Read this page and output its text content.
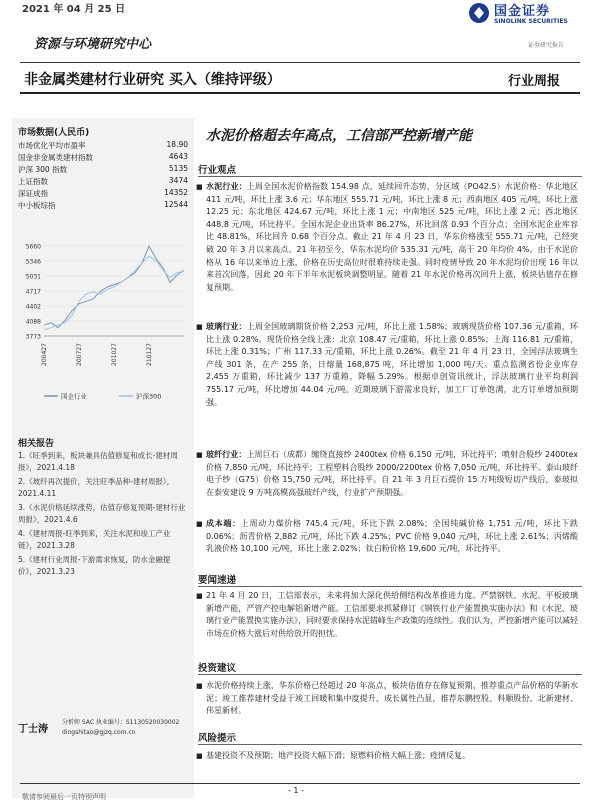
2021 年 04 月 25 日	国金证券
SINOLINK SECURITIES
证券研究报告
资源与环境研究中心
非金属类建材行业研究 买入（维持评级）	行业周报
市场数据(人民币)
市场优化平均市盈率	18.90
国金非金属类建材指数	4643
沪深 300 指数	5135
上证指数	3474
深证成指	14352
中小板综指	12544
5660
5346
5031
4717
4402
4088
3773
200427	200727	201027	210127
国金行业	沪深300
相关报告
1.《旺季到来，板块兼具估值修复和成长-建材周报》，2021.4.18
2.《玻纤再次提价，关注旺季品种-建材周报》，2021.4.11
3.《水泥价格延续涨势，估值存修复预期-建材行业周报》，2021.4.6
4.《建材周报-旺季到来，关注水泥和竣工产业链》，2021.3.28
5.《建材行业周报-下游需求恢复，防水金融提价》，2021.3.23
丁士涛
分析师 SAC 执业编号：S1130520030002
dingshitao@gjzq.com.cn
水泥价格超去年高点，工信部严控新增产能
行业观点
■ 水泥行业：上周全国水泥价格指数 154.98 点，延续回升态势，分区域（PO42.5）水泥价格：华北地区 411 元/吨，环比上涨 3.6 元；华东地区 555.71 元/吨，环比上涨 8 元；西南地区 405 元/吨，环比上涨 12.25 元；东北地区 424.67 元/吨，环比上涨 1 元；中南地区 525 元/吨，环比上涨 2 元；西北地区 448.8 元/吨，环比持平。全国水泥企业出货率 86.27%，环比回落 0.93 个百分点；全国水泥企业库容比 48.81%，环比回升 0.68 个百分点。截止 21 年 4 月 23 日，华东价格涨至 555.71 元/吨，已经突破 20 年 3 月以来高点。21 年初至今，华东水泥均价 535.31 元/吨，高于 20 年均价 4%。由于水泥价格从 16 年以来单边上涨，价格在历史高位时很难持续走强。同时疫情导致 20 年水泥均价出现 16 年以来首次回落，因此 20 年下半年水泥板块调整明显。随着 21 年水泥价格再次回升上涨，板块估值存在修复预期。
■ 玻璃行业：上周全国玻璃期货价格 2,253 元/吨，环比上涨 1.58%；玻璃现货价格 107.36 元/重箱，环比上涨 0.28%。现货价格全线上涨：北京 108.47 元/重箱，环比上涨 0.85%；上海 116.81 元/重箱，环比上涨 0.31%；广州 117.33 元/重箱，环比上涨 0.26%。截至 21 年 4 月 23 日，全国浮法玻璃生产线 301 条，在产 255 条，日熔量 168,875 吨，环比增加 1,000 吨/天。重点监测省份企业库存 2,455 万重箱，环比减少 137 万重箱，降幅 5.29%。根据卓创资讯统计，浮法玻璃行业平均利润 755.17 元/吨，环比增加 44.04 元/吨。近期玻璃下游需求良好，加工厂订单饱满，北方订单增加预期强。
■ 玻纤行业：上周巨石（成都）缠绕直接纱 2400tex 价格 6,150 元/吨，环比持平；喷射合股纱 2400tex 价格 7,850 元/吨，环比持平；工程塑料合股纱 2000/2200tex 价格 7,050 元/吨，环比持平。泰山玻纤电子纱（G75）价格 15,750 元/吨，环比持平。自 21 年 3 月巨石提价 15 万吨级短切产线后，泰玻拟在泰安建设 9 万吨高模高强玻纤产线，行业扩产预期强。
■ 成本端：上周动力煤价格 745.4 元/吨，环比下跌 2.08%；全国纯碱价格 1,751 元/吨，环比下跌 0.06%；沥青价格 2,882 元/吨，环比下跌 4.25%；PVC 价格 9,040 元/吨，环比上涨 2.61%；丙烯酸乳液价格 10,100 元/吨，环比上涨 2.02%；钛白粉价格 19,600 元/吨，环比持平。
要闻速递
■ 21 年 4 月 20 日，工信部表示，未来将加大深化供给侧结构改革推进力度。严禁钢铁、水泥、平板玻璃新增产能，严管产控电解铝新增产能。工信部要求抓紧修订《钢铁行业产能置换实施办法》和《水泥、玻璃行业产能置换实施办法》，同时要求保持水泥错峰生产政策的连续性。我们认为，严控新增产能可以减轻市场在价格大涨后对供给放开的担忧。
投资建议
■ 水泥价格持续上涨，华东价格已经超过 20 年高点，板块估值存在修复预期，推荐重点产品价格的华新水泥；竣工推荐建材受益于竣工回暖和集中度提升，成长属性凸显，推荐东鹏控股、科顺股份、北新建材、伟星新材。
风险提示
■ 基建投资不及预期；地产投资大幅下滑；原燃料价格大幅上涨；疫情反复。
- 1 -
敬请参阅最后一页特别声明
